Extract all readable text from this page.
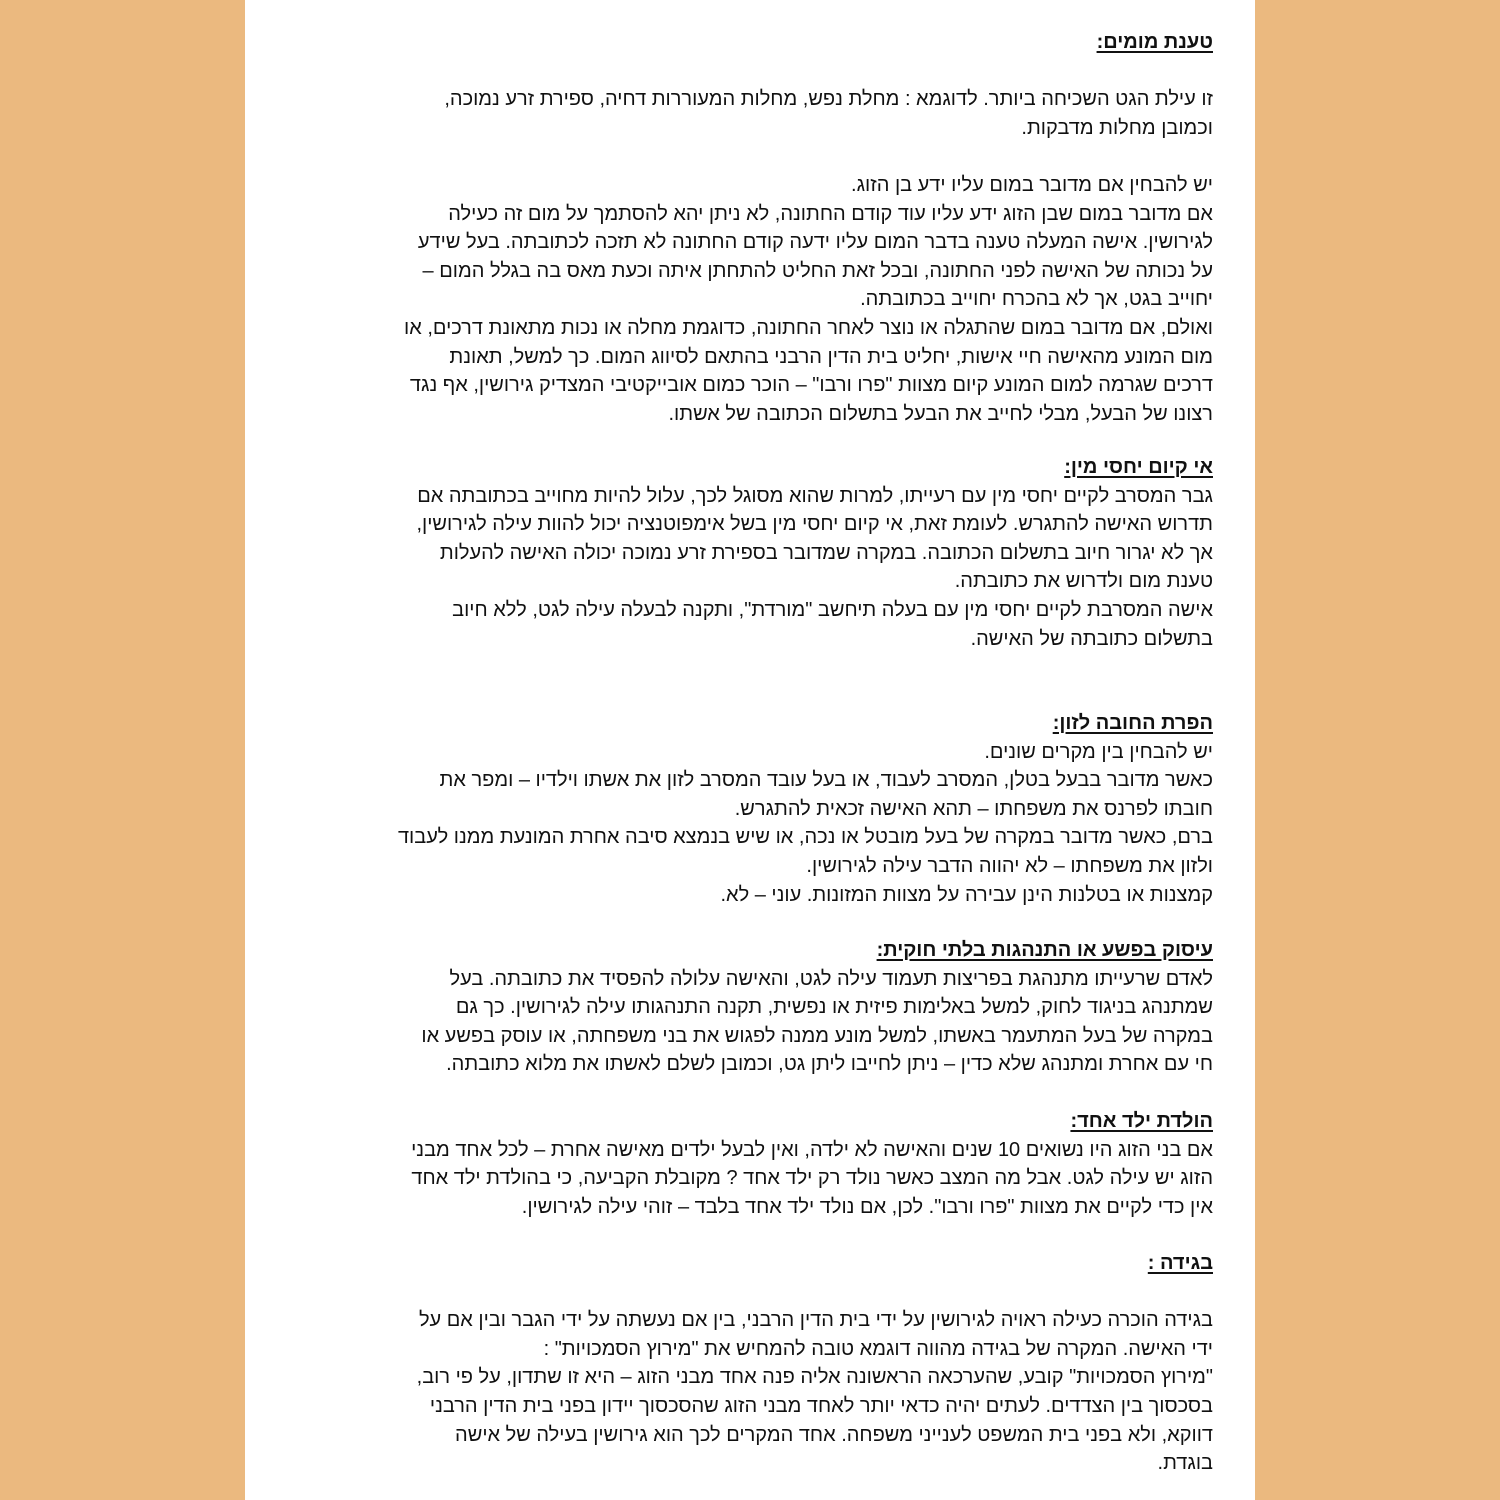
טענת מומים:
זו עילת הגט השכיחה ביותר. לדוגמא : מחלת נפש, מחלות המעוררות דחיה, ספירת זרע נמוכה,
וכמובן מחלות מדבקות.

יש להבחין אם מדובר במום עליו ידע בן הזוג.
אם מדובר במום שבן הזוג ידע עליו עוד קודם החתונה, לא ניתן יהא להסתמך על מום זה כעילה
לגירושין. אישה המעלה טענה בדבר המום עליו ידעה קודם החתונה לא תזכה לכתובתה. בעל שידע
על נכותה של האישה לפני החתונה, ובכל זאת החליט להתחתן איתה וכעת מאס בה בגלל המום –
יחוייב בגט, אך לא בהכרח יחוייב בכתובתה.
ואולם, אם מדובר במום שהתגלה או נוצר לאחר החתונה, כדוגמת מחלה או נכות מתאונת דרכים, או
מום המונע מהאישה חיי אישות, יחליט בית הדין הרבני בהתאם לסיווג המום. כך למשל, תאונת
דרכים שגרמה למום המונע קיום מצוות "פרו ורבו" – הוכר כמום אובייקטיבי המצדיק גירושין, אף נגד
רצונו של הבעל, מבלי לחייב את הבעל בתשלום הכתובה של אשתו.
אי קיום יחסי מין:
גבר המסרב לקיים יחסי מין עם רעייתו, למרות שהוא מסוגל לכך, עלול להיות מחוייב בכתובתה אם
תדרוש האישה להתגרש. לעומת זאת, אי קיום יחסי מין בשל אימפוטנציה יכול להוות עילה לגירושין,
אך לא יגרור חיוב בתשלום הכתובה. במקרה שמדובר בספירת זרע נמוכה יכולה האישה להעלות
טענת מום ולדרוש את כתובתה.
אישה המסרבת לקיים יחסי מין עם בעלה תיחשב "מורדת", ותקנה לבעלה עילה לגט, ללא חיוב
בתשלום כתובתה של האישה.
הפרת החובה לזון:
יש להבחין בין מקרים שונים.
כאשר מדובר בבעל בטלן, המסרב לעבוד, או בעל עובד המסרב לזון את אשתו וילדיו – ומפר את
חובתו לפרנס את משפחתו – תהא האישה זכאית להתגרש.
ברם, כאשר מדובר במקרה של בעל מובטל או נכה, או שיש בנמצא סיבה אחרת המונעת ממנו לעבוד
ולזון את משפחתו – לא יהווה הדבר עילה לגירושין.
קמצנות או בטלנות הינן עבירה על מצוות המזונות. עוני – לא.
עיסוק בפשע או התנהגות בלתי חוקית:
לאדם שרעייתו מתנהגת בפריצות תעמוד עילה לגט, והאישה עלולה להפסיד את כתובתה. בעל
שמתנהג בניגוד לחוק, למשל באלימות פיזית או נפשית, תקנה התנהגותו עילה לגירושין. כך גם
במקרה של בעל המתעמר באשתו, למשל מונע ממנה לפגוש את בני משפחתה, או עוסק בפשע או
חי עם אחרת ומתנהג שלא כדין – ניתן לחייבו ליתן גט, וכמובן לשלם לאשתו את מלוא כתובתה.
הולדת ילד אחד:
אם בני הזוג היו נשואים 10 שנים והאישה לא ילדה, ואין לבעל ילדים מאישה אחרת – לכל אחד מבני
הזוג יש עילה לגט. אבל מה המצב כאשר נולד רק ילד אחד ? מקובלת הקביעה, כי בהולדת ילד אחד
אין כדי לקיים את מצוות "פרו ורבו". לכן, אם נולד ילד אחד בלבד – זוהי עילה לגירושין.
בגידה :

בגידה הוכרה כעילה ראויה לגירושין על ידי בית הדין הרבני, בין אם נעשתה על ידי הגבר ובין אם על
ידי האישה. המקרה של בגידה מהווה דוגמא טובה להמחיש את "מירוץ הסמכויות" :
"מירוץ הסמכויות" קובע, שהערכאה הראשונה אליה פנה אחד מבני הזוג – היא זו שתדון, על פי רוב,
בסכסוך בין הצדדים. לעתים יהיה כדאי יותר לאחד מבני הזוג שהסכסוך יידון בפני בית הדין הרבני
דווקא, ולא בפני בית המשפט לענייני משפחה. אחד המקרים לכך הוא גירושין בעילה של אישה
בוגדת.
